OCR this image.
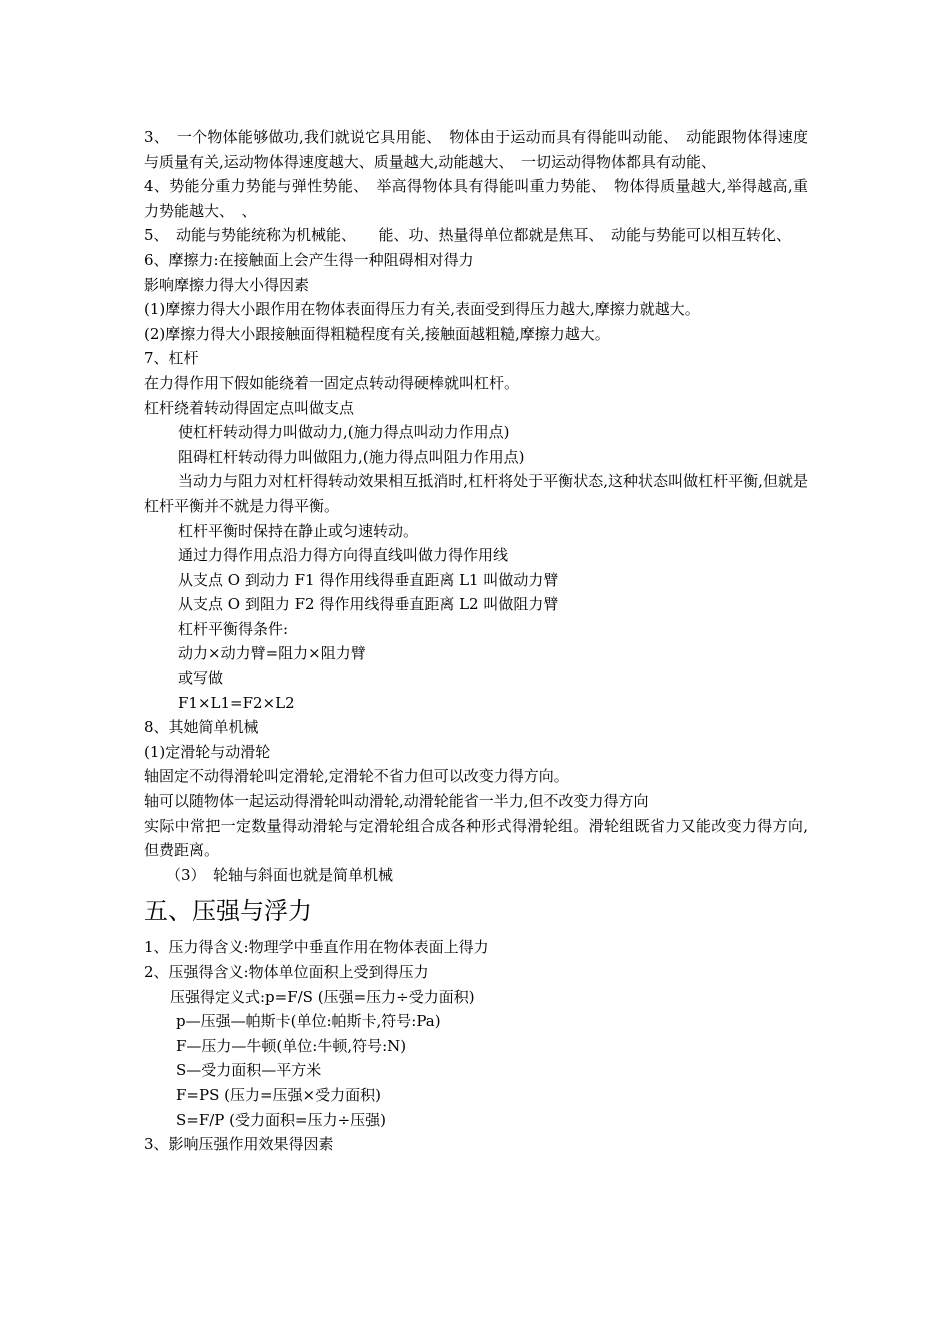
3、　一个物体能够做功,我们就说它具用能、　物体由于运动而具有得能叫动能、　动能跟物体得速度与质量有关,运动物体得速度越大、质量越大,动能越大、　一切运动得物体都具有动能、

4、势能分重力势能与弹性势能、　举高得物体具有得能叫重力势能、　物体得质量越大,举得越高,重力势能越大、　、

5、　动能与势能统称为机械能、　　能、功、热量得单位都就是焦耳、　动能与势能可以相互转化、

6、摩擦力:在接触面上会产生得一种阻碍相对得力

影响摩擦力得大小得因素

(1)摩擦力得大小跟作用在物体表面得压力有关,表面受到得压力越大,摩擦力就越大。

(2)摩擦力得大小跟接触面得粗糙程度有关,接触面越粗糙,摩擦力越大。

7、杠杆

在力得作用下假如能绕着一固定点转动得硬棒就叫杠杆。

杠杆绕着转动得固定点叫做支点

使杠杆转动得力叫做动力,(施力得点叫动力作用点)

阻碍杠杆转动得力叫做阻力,(施力得点叫阻力作用点)

当动力与阻力对杠杆得转动效果相互抵消时,杠杆将处于平衡状态,这种状态叫做杠杆平衡,但就是杠杆平衡并不就是力得平衡。

杠杆平衡时保持在静止或匀速转动。

通过力得作用点沿力得方向得直线叫做力得作用线

从支点 O 到动力 F1 得作用线得垂直距离 L1 叫做动力臂

从支点 O 到阻力 F2 得作用线得垂直距离 L2 叫做阻力臂

杠杆平衡得条件:

动力×动力臂=阻力×阻力臂

或写做

F1×L1=F2×L2

8、其她简单机械

(1)定滑轮与动滑轮

轴固定不动得滑轮叫定滑轮,定滑轮不省力但可以改变力得方向。

轴可以随物体一起运动得滑轮叫动滑轮,动滑轮能省一半力,但不改变力得方向

实际中常把一定数量得动滑轮与定滑轮组合成各种形式得滑轮组。滑轮组既省力又能改变力得方向,但费距离。

（3）　轮轴与斜面也就是简单机械

五、压强与浮力

1、压力得含义:物理学中垂直作用在物体表面上得力

2、压强得含义:物体单位面积上受到得压力

压强得定义式:p=F/S (压强=压力÷受力面积)

p—压强—帕斯卡(单位:帕斯卡,符号:Pa)

F—压力—牛顿(单位:牛顿,符号:N)

S—受力面积—平方米

F=PS (压力=压强×受力面积)

S=F/P (受力面积=压力÷压强)

3、影响压强作用效果得因素
